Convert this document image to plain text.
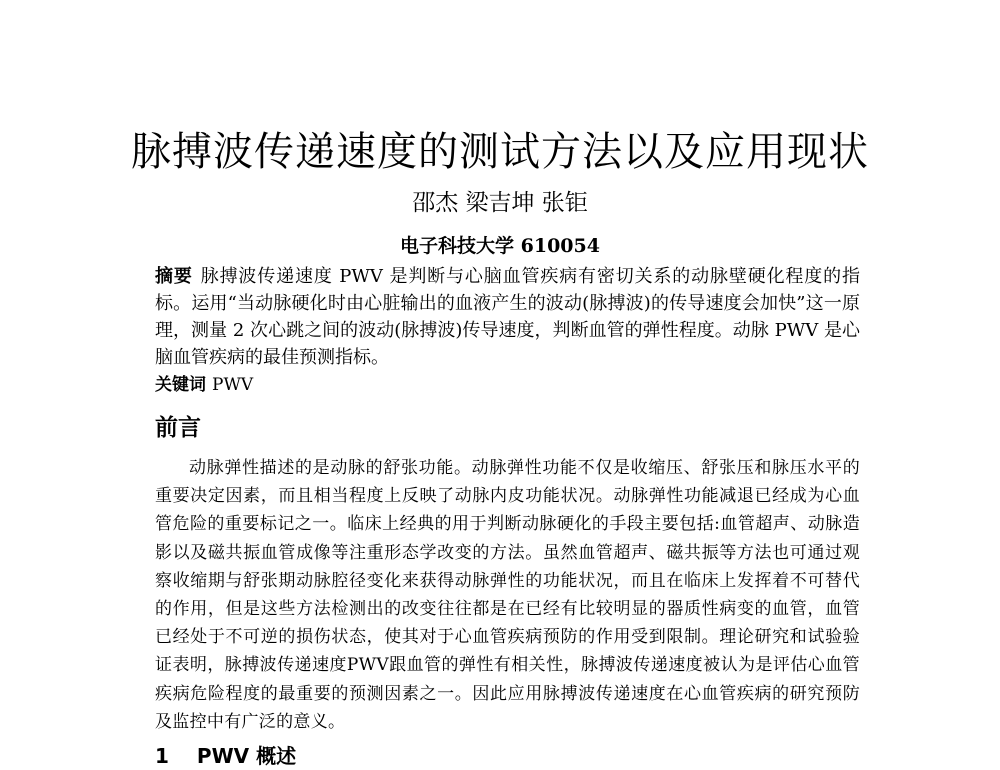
脉搏波传递速度的测试方法以及应用现状
邵杰 梁吉坤 张钜
电子科技大学 610054
摘要 脉搏波传递速度 PWV 是判断与心脑血管疾病有密切关系的动脉壁硬化程度的指标。运用“当动脉硬化时由心脏输出的血液产生的波动(脉搏波)的传导速度会加快”这一原理，测量 2 次心跳之间的波动(脉搏波)传导速度，判断血管的弹性程度。动脉 PWV 是心脑血管疾病的最佳预测指标。
关键词 PWV
前言
动脉弹性描述的是动脉的舒张功能。动脉弹性功能不仅是收缩压、舒张压和脉压水平的重要决定因素，而且相当程度上反映了动脉内皮功能状况。动脉弹性功能减退已经成为心血管危险的重要标记之一。临床上经典的用于判断动脉硬化的手段主要包括:血管超声、动脉造影以及磁共振血管成像等注重形态学改变的方法。虽然血管超声、磁共振等方法也可通过观察收缩期与舒张期动脉腔径变化来获得动脉弹性的功能状况，而且在临床上发挥着不可替代的作用，但是这些方法检测出的改变往往都是在已经有比较明显的器质性病变的血管，血管已经处于不可逆的损伤状态，使其对于心血管疾病预防的作用受到限制。理论研究和试验验证表明，脉搏波传递速度PWV跟血管的弹性有相关性，脉搏波传递速度被认为是评估心血管疾病危险程度的最重要的预测因素之一。因此应用脉搏波传递速度在心血管疾病的研究预防及监控中有广泛的意义。
1 PWV 概述
